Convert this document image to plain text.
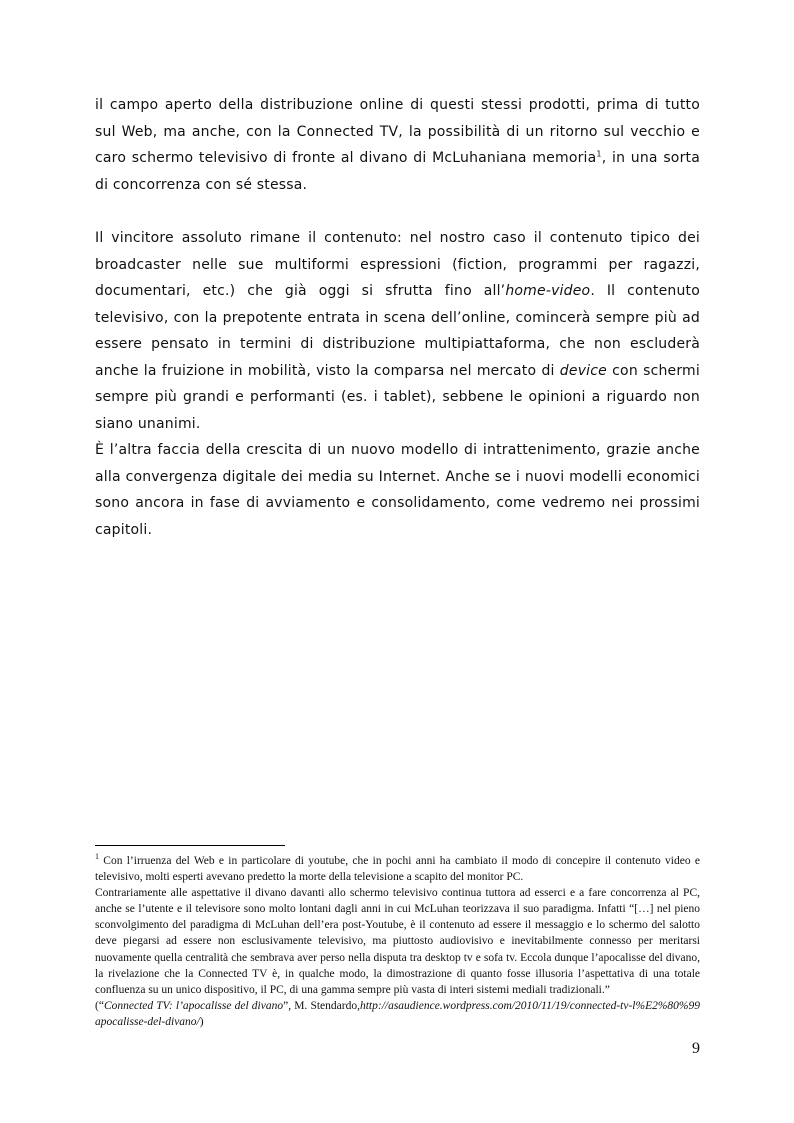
il campo aperto della distribuzione online di questi stessi prodotti, prima di tutto sul Web, ma anche, con la Connected TV, la possibilità di un ritorno sul vecchio e caro schermo televisivo di fronte al divano di McLuhaniana memoria$^1$, in una sorta di concorrenza con sé stessa.

Il vincitore assoluto rimane il contenuto: nel nostro caso il contenuto tipico dei broadcaster nelle sue multiformi espressioni (fiction, programmi per ragazzi, documentari, etc.) che già oggi si sfrutta fino all’home-video. Il contenuto televisivo, con la prepotente entrata in scena dell’online, comincerà sempre più ad essere pensato in termini di distribuzione multipiattaforma, che non escluderà anche la fruizione in mobilità, visto la comparsa nel mercato di device con schermi sempre più grandi e performanti (es. i tablet), sebbene le opinioni a riguardo non siano unanimi.

È l’altra faccia della crescita di un nuovo modello di intrattenimento, grazie anche alla convergenza digitale dei media su Internet. Anche se i nuovi modelli economici sono ancora in fase di avviamento e consolidamento, come vedremo nei prossimi capitoli.

$^1$ Con l’irruenza del Web e in particolare di youtube, che in pochi anni ha cambiato il modo di concepire il contenuto video e televisivo, molti esperti avevano predetto la morte della televisione a scapito del monitor PC.

Contrariamente alle aspettative il divano davanti allo schermo televisivo continua tuttora ad esserci e a fare concorrenza al PC, anche se l’utente e il televisore sono molto lontani dagli anni in cui McLuhan teorizzava il suo paradigma. Infatti “[…] nel pieno sconvolgimento del paradigma di McLuhan dell’era post-Youtube, è il contenuto ad essere il messaggio e lo schermo del salotto deve piegarsi ad essere non esclusivamente televisivo, ma piuttosto audiovisivo e inevitabilmente connesso per meritarsi nuovamente quella centralità che sembrava aver perso nella disputa tra desktop tv e sofa tv. Eccola dunque l’apocalisse del divano, la rivelazione che la Connected TV è, in qualche modo, la dimostrazione di quanto fosse illusoria l’aspettativa di una totale confluenza su un unico dispositivo, il PC, di una gamma sempre più vasta di interi sistemi mediali tradizionali.”

(“Connected TV: l’apocalisse del divano”, M. Stendardo,http://asaudience.wordpress.com/2010/11/19/connected-tv-l%E2%80%99apocalisse-del-divano/)

9
